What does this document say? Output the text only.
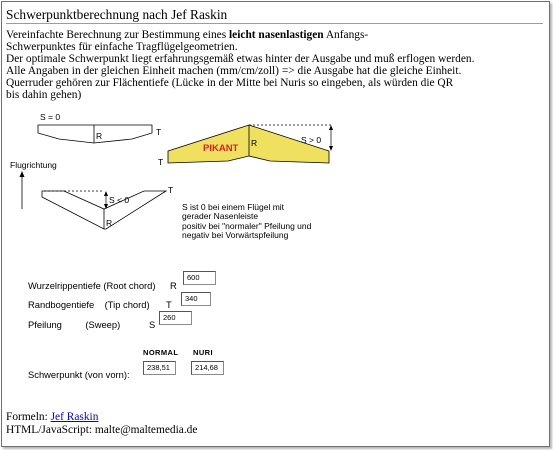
Schwerpunktberechnung nach Jef Raskin
Vereinfachte Berechnung zur Bestimmung eines leicht nasenlastigen Anfangs-
Schwerpunktes für einfache Tragflügelgeometrien.
Der optimale Schwerpunkt liegt erfahrungsgemäß etwas hinter der Ausgabe und muß erflogen werden.
Alle Angaben in der gleichen Einheit machen (mm/cm/zoll) => die Ausgabe hat die gleiche Einheit.
Querruder gehören zur Flächentiefe (Lücke in der Mitte bei Nuris so eingeben, als würden die QR
bis dahin gehen)
S = 0
R	T
Flugrichtung
PIKANT R	S > 0
T
T
S < 0
R
S ist 0 bei einem Flügel mit
gerader Nasenleiste
positiv bei "normaler" Pfeilung und
negativ bei Vorwärtspfeilung
Wurzelrippentiefe (Root chord) R
600
Randbogentiefe    (Tip chord) T
340
Pfeilung         (Sweep)	S
260
NORMAL NURI
Schwerpunkt (von vorn):
238,51	214,68
Formeln: Jef Raskin
HTML/JavaScript: malte@maltemedia.de
